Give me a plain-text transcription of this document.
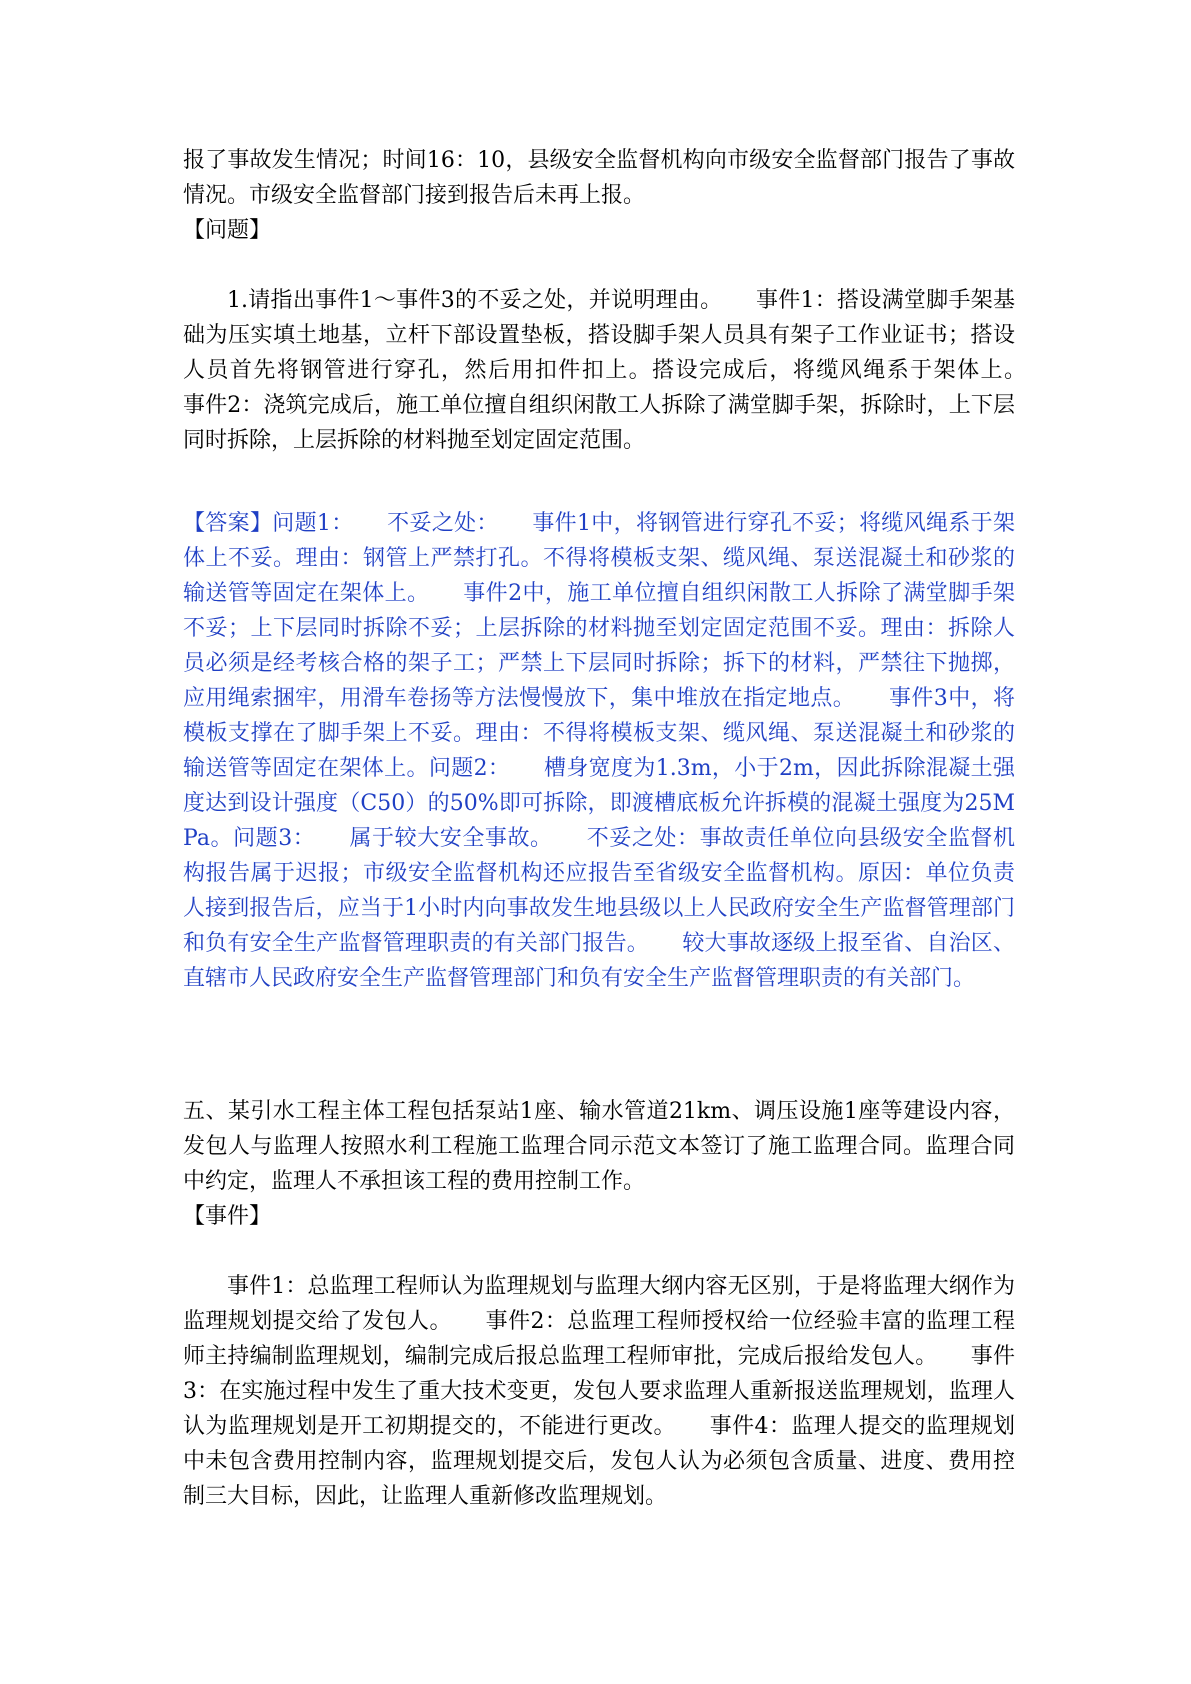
报了事故发生情况；时间16：10，县级安全监督机构向市级安全监督部门报告了事故情况。市级安全监督部门接到报告后未再上报。

【问题】

1.请指出事件1～事件3的不妥之处，并说明理由。　　事件1：搭设满堂脚手架基础为压实填土地基，立杆下部设置垫板，搭设脚手架人员具有架子工作业证书；搭设人员首先将钢管进行穿孔，然后用扣件扣上。搭设完成后，将缆风绳系于架体上。　　事件2：浇筑完成后，施工单位擅自组织闲散工人拆除了满堂脚手架，拆除时，上下层同时拆除，上层拆除的材料抛至划定固定范围。

【答案】问题1：　　不妥之处：　　事件1中，将钢管进行穿孔不妥；将缆风绳系于架体上不妥。理由：钢管上严禁打孔。不得将模板支架、缆风绳、泵送混凝土和砂浆的输送管等固定在架体上。　　事件2中，施工单位擅自组织闲散工人拆除了满堂脚手架不妥；上下层同时拆除不妥；上层拆除的材料抛至划定固定范围不妥。理由：拆除人员必须是经考核合格的架子工；严禁上下层同时拆除；拆下的材料，严禁往下抛掷，应用绳索捆牢，用滑车卷扬等方法慢慢放下，集中堆放在指定地点。　　事件3中，将模板支撑在了脚手架上不妥。理由：不得将模板支架、缆风绳、泵送混凝土和砂浆的输送管等固定在架体上。问题2：　　槽身宽度为1.3m，小于2m，因此拆除混凝土强度达到设计强度（C50）的50%即可拆除，即渡槽底板允许拆模的混凝土强度为25MPa。问题3：　　属于较大安全事故。　　不妥之处：事故责任单位向县级安全监督机构报告属于迟报；市级安全监督机构还应报告至省级安全监督机构。原因：单位负责人接到报告后，应当于1小时内向事故发生地县级以上人民政府安全生产监督管理部门和负有安全生产监督管理职责的有关部门报告。　　较大事故逐级上报至省、自治区、直辖市人民政府安全生产监督管理部门和负有安全生产监督管理职责的有关部门。

五、某引水工程主体工程包括泵站1座、输水管道21km、调压设施1座等建设内容，发包人与监理人按照水利工程施工监理合同示范文本签订了施工监理合同。监理合同中约定，监理人不承担该工程的费用控制工作。

【事件】

事件1：总监理工程师认为监理规划与监理大纲内容无区别，于是将监理大纲作为监理规划提交给了发包人。　　事件2：总监理工程师授权给一位经验丰富的监理工程师主持编制监理规划，编制完成后报总监理工程师审批，完成后报给发包人。　　事件3：在实施过程中发生了重大技术变更，发包人要求监理人重新报送监理规划，监理人认为监理规划是开工初期提交的，不能进行更改。　　事件4：监理人提交的监理规划中未包含费用控制内容，监理规划提交后，发包人认为必须包含质量、进度、费用控制三大目标，因此，让监理人重新修改监理规划。
